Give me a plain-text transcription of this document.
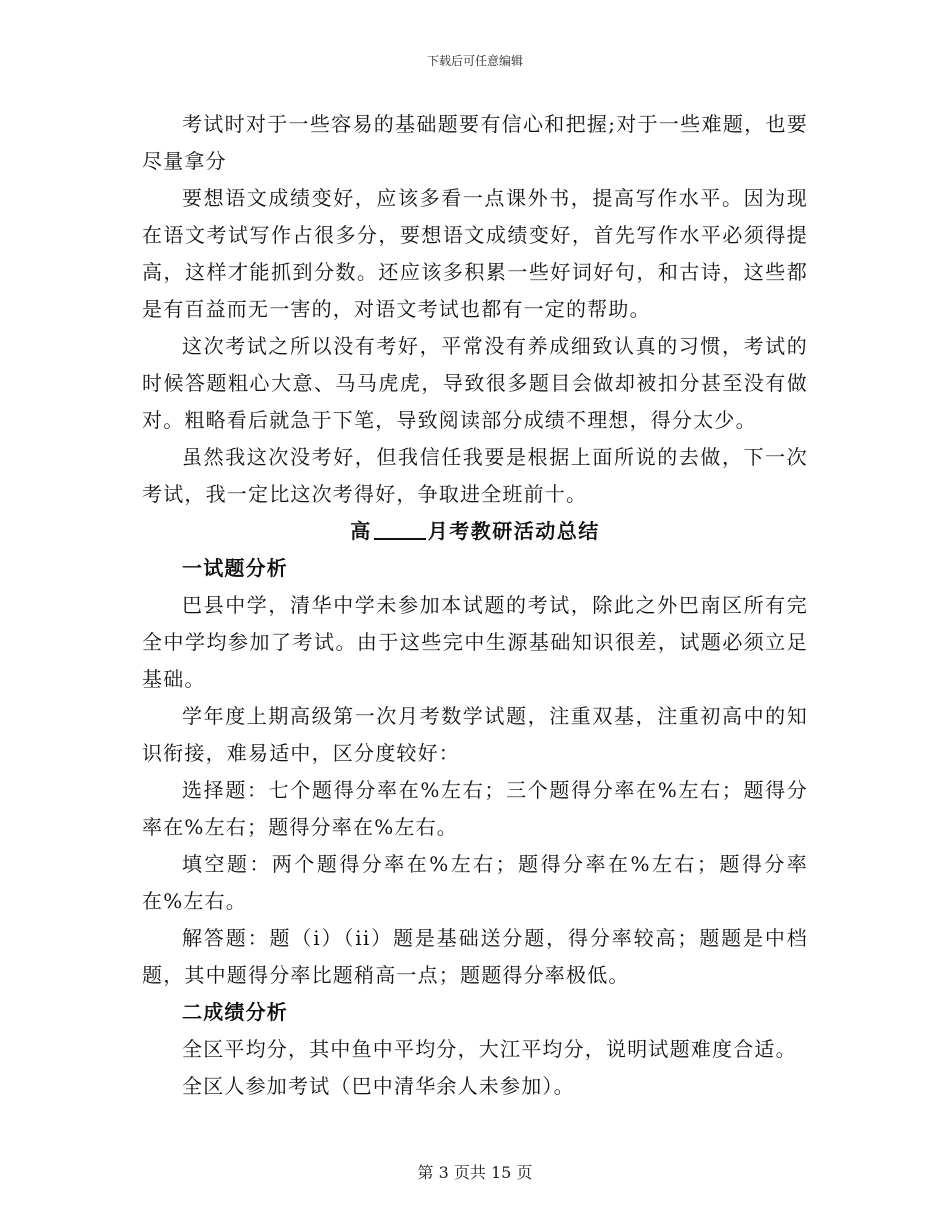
下载后可任意编辑

考试时对于一些容易的基础题要有信心和把握;对于一些难题，也要尽量拿分

要想语文成绩变好，应该多看一点课外书，提高写作水平。因为现在语文考试写作占很多分，要想语文成绩变好，首先写作水平必须得提高，这样才能抓到分数。还应该多积累一些好词好句，和古诗，这些都是有百益而无一害的，对语文考试也都有一定的帮助。

这次考试之所以没有考好，平常没有养成细致认真的习惯，考试的时候答题粗心大意、马马虎虎，导致很多题目会做却被扣分甚至没有做对。粗略看后就急于下笔，导致阅读部分成绩不理想，得分太少。

虽然我这次没考好，但我信任我要是根据上面所说的去做，下一次考试，我一定比这次考得好，争取进全班前十。

高	月考教研活动总结

一试题分析

巴县中学，清华中学未参加本试题的考试，除此之外巴南区所有完全中学均参加了考试。由于这些完中生源基础知识很差，试题必须立足基础。

学年度上期高级第一次月考数学试题，注重双基，注重初高中的知识衔接，难易适中，区分度较好：

选择题：七个题得分率在%左右；三个题得分率在%左右；题得分率在%左右；题得分率在%左右。

填空题：两个题得分率在%左右；题得分率在%左右；题得分率在%左右。

解答题：题（i）（ii）题是基础送分题，得分率较高；题题是中档题，其中题得分率比题稍高一点；题题得分率极低。

二成绩分析

全区平均分，其中鱼中平均分，大江平均分，说明试题难度合适。

全区人参加考试（巴中清华余人未参加）。

第 3 页共 15 页
